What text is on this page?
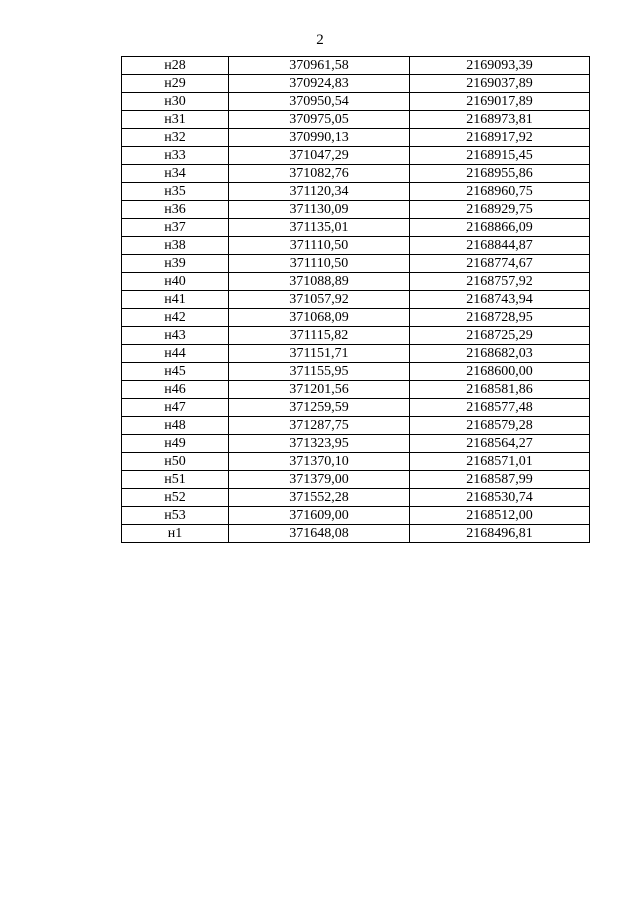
2
н28	370961,58	2169093,39
н29	370924,83	2169037,89
н30	370950,54	2169017,89
н31	370975,05	2168973,81
н32	370990,13	2168917,92
н33	371047,29	2168915,45
н34	371082,76	2168955,86
н35	371120,34	2168960,75
н36	371130,09	2168929,75
н37	371135,01	2168866,09
н38	371110,50	2168844,87
н39	371110,50	2168774,67
н40	371088,89	2168757,92
н41	371057,92	2168743,94
н42	371068,09	2168728,95
н43	371115,82	2168725,29
н44	371151,71	2168682,03
н45	371155,95	2168600,00
н46	371201,56	2168581,86
н47	371259,59	2168577,48
н48	371287,75	2168579,28
н49	371323,95	2168564,27
н50	371370,10	2168571,01
н51	371379,00	2168587,99
н52	371552,28	2168530,74
н53	371609,00	2168512,00
н1	371648,08	2168496,81
